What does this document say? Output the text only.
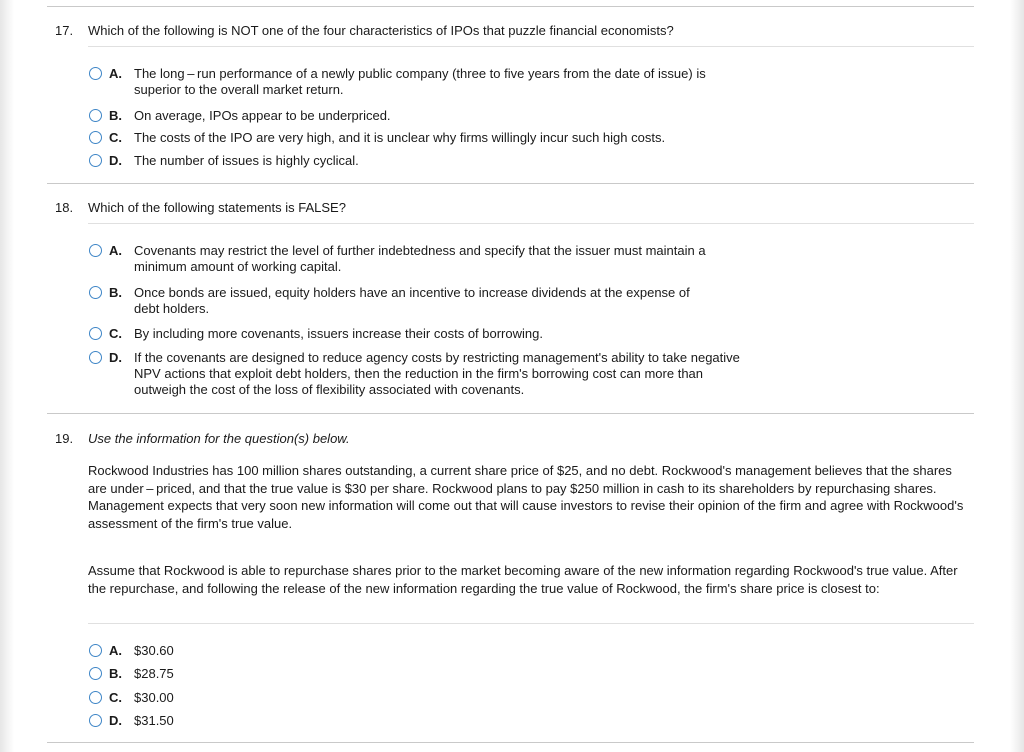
17. Which of the following is NOT one of the four characteristics of IPOs that puzzle financial economists?
A. The long – run performance of a newly public company (three to five years from the date of issue) is superior to the overall market return.
B. On average, IPOs appear to be underpriced.
C. The costs of the IPO are very high, and it is unclear why firms willingly incur such high costs.
D. The number of issues is highly cyclical.
18. Which of the following statements is FALSE?
A. Covenants may restrict the level of further indebtedness and specify that the issuer must maintain a minimum amount of working capital.
B. Once bonds are issued, equity holders have an incentive to increase dividends at the expense of debt holders.
C. By including more covenants, issuers increase their costs of borrowing.
D. If the covenants are designed to reduce agency costs by restricting management's ability to take negative NPV actions that exploit debt holders, then the reduction in the firm's borrowing cost can more than outweigh the cost of the loss of flexibility associated with covenants.
19. Use the information for the question(s) below.
Rockwood Industries has 100 million shares outstanding, a current share price of $25, and no debt. Rockwood's management believes that the shares are under – priced, and that the true value is $30 per share. Rockwood plans to pay $250 million in cash to its shareholders by repurchasing shares. Management expects that very soon new information will come out that will cause investors to revise their opinion of the firm and agree with Rockwood's assessment of the firm's true value.
Assume that Rockwood is able to repurchase shares prior to the market becoming aware of the new information regarding Rockwood's true value. After the repurchase, and following the release of the new information regarding the true value of Rockwood, the firm's share price is closest to:
A. $30.60
B. $28.75
C. $30.00
D. $31.50
